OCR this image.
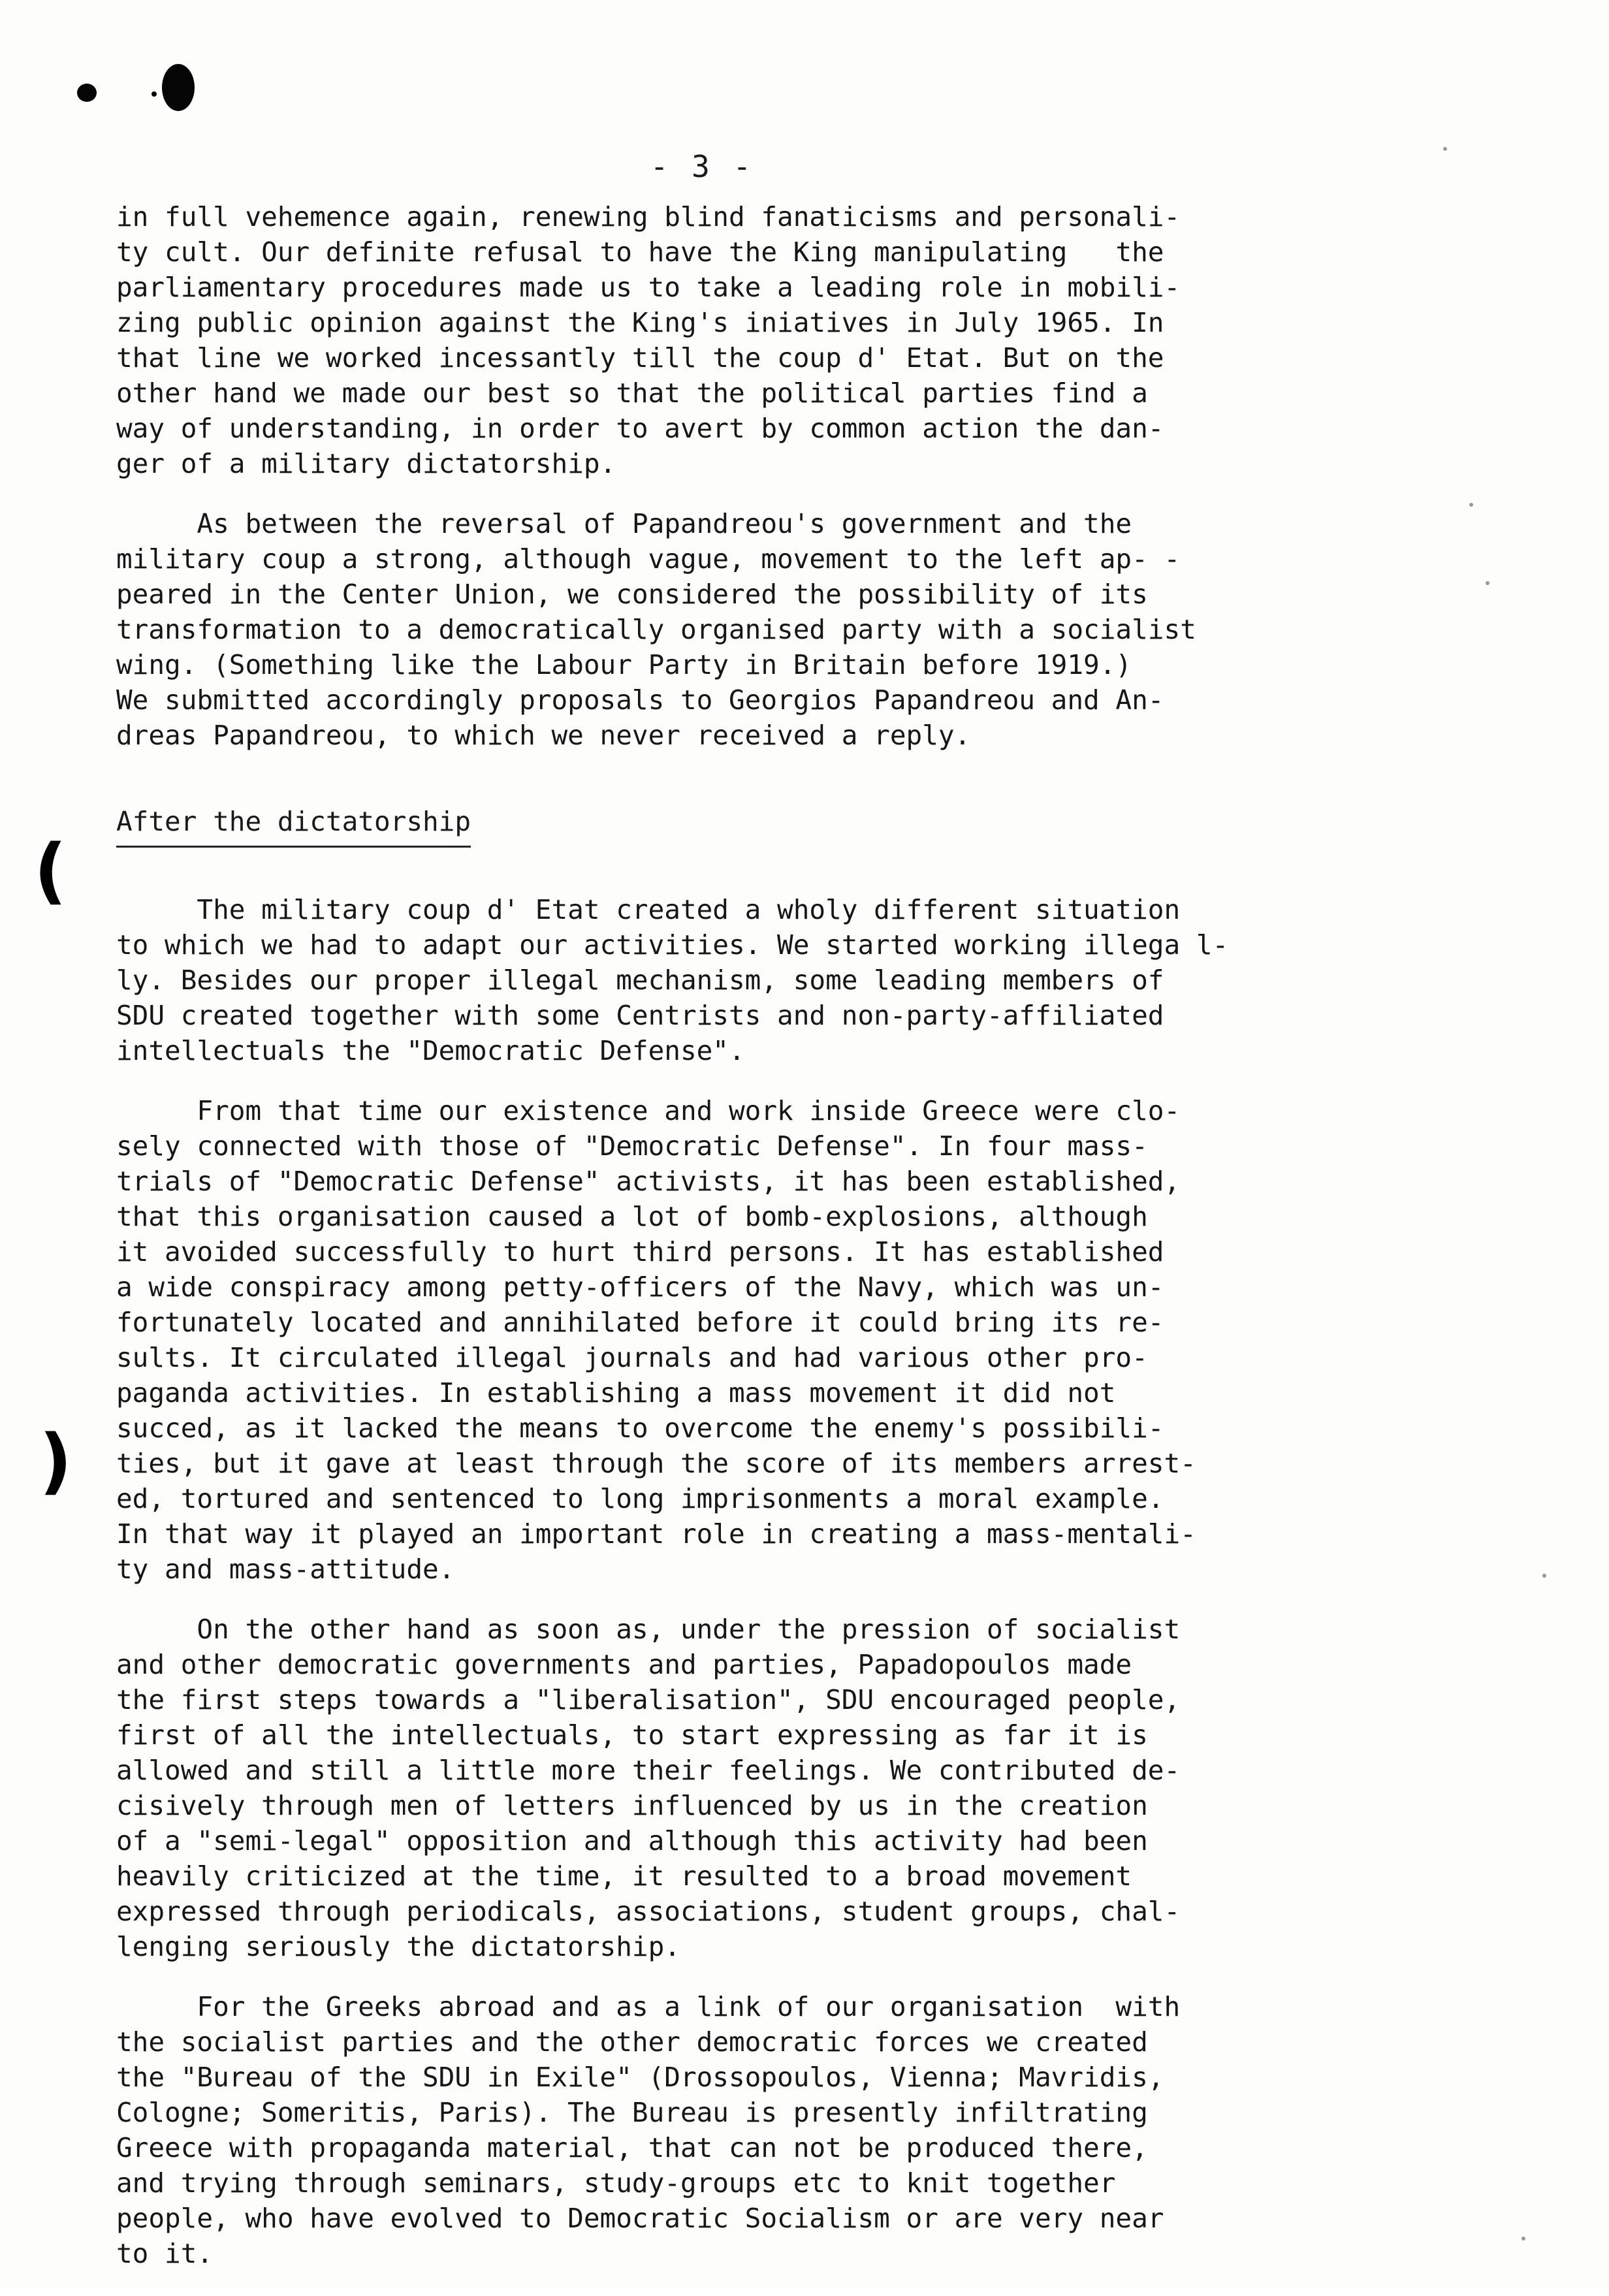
- 3 -
(
)

in full vehemence again, renewing blind fanaticisms and personali-
ty cult. Our definite refusal to have the King manipulating   the
parliamentary procedures made us to take a leading role in mobili-
zing public opinion against the King's iniatives in July 1965. In
that line we worked incessantly till the coup d' Etat. But on the
other hand we made our best so that the political parties find a
way of understanding, in order to avert by common action the dan-
ger of a military dictatorship.

As between the reversal of Papandreou's government and the
military coup a strong, although vague, movement to the left ap- -
peared in the Center Union, we considered the possibility of its
transformation to a democratically organised party with a socialist
wing. (Something like the Labour Party in Britain before 1919.)
We submitted accordingly proposals to Georgios Papandreou and An-
dreas Papandreou, to which we never received a reply.

After the dictatorship

The military coup d' Etat created a wholy different situation
to which we had to adapt our activities. We started working illega l-
ly. Besides our proper illegal mechanism, some leading members of
SDU created together with some Centrists and non-party-affiliated
intellectuals the "Democratic Defense".

From that time our existence and work inside Greece were clo-
sely connected with those of "Democratic Defense". In four mass-
trials of "Democratic Defense" activists, it has been established,
that this organisation caused a lot of bomb-explosions, although
it avoided successfully to hurt third persons. It has established
a wide conspiracy among petty-officers of the Navy, which was un-
fortunately located and annihilated before it could bring its re-
sults. It circulated illegal journals and had various other pro-
paganda activities. In establishing a mass movement it did not
succed, as it lacked the means to overcome the enemy's possibili-
ties, but it gave at least through the score of its members arrest-
ed, tortured and sentenced to long imprisonments a moral example.
In that way it played an important role in creating a mass-mentali-
ty and mass-attitude.

On the other hand as soon as, under the pression of socialist
and other democratic governments and parties, Papadopoulos made
the first steps towards a "liberalisation", SDU encouraged people,
first of all the intellectuals, to start expressing as far it is
allowed and still a little more their feelings. We contributed de-
cisively through men of letters influenced by us in the creation
of a "semi-legal" opposition and although this activity had been
heavily criticized at the time, it resulted to a broad movement
expressed through periodicals, associations, student groups, chal-
lenging seriously the dictatorship.

For the Greeks abroad and as a link of our organisation  with
the socialist parties and the other democratic forces we created
the "Bureau of the SDU in Exile" (Drossopoulos, Vienna; Mavridis,
Cologne; Someritis, Paris). The Bureau is presently infiltrating
Greece with propaganda material, that can not be produced there,
and trying through seminars, study-groups etc to knit together
people, who have evolved to Democratic Socialism or are very near
to it.
